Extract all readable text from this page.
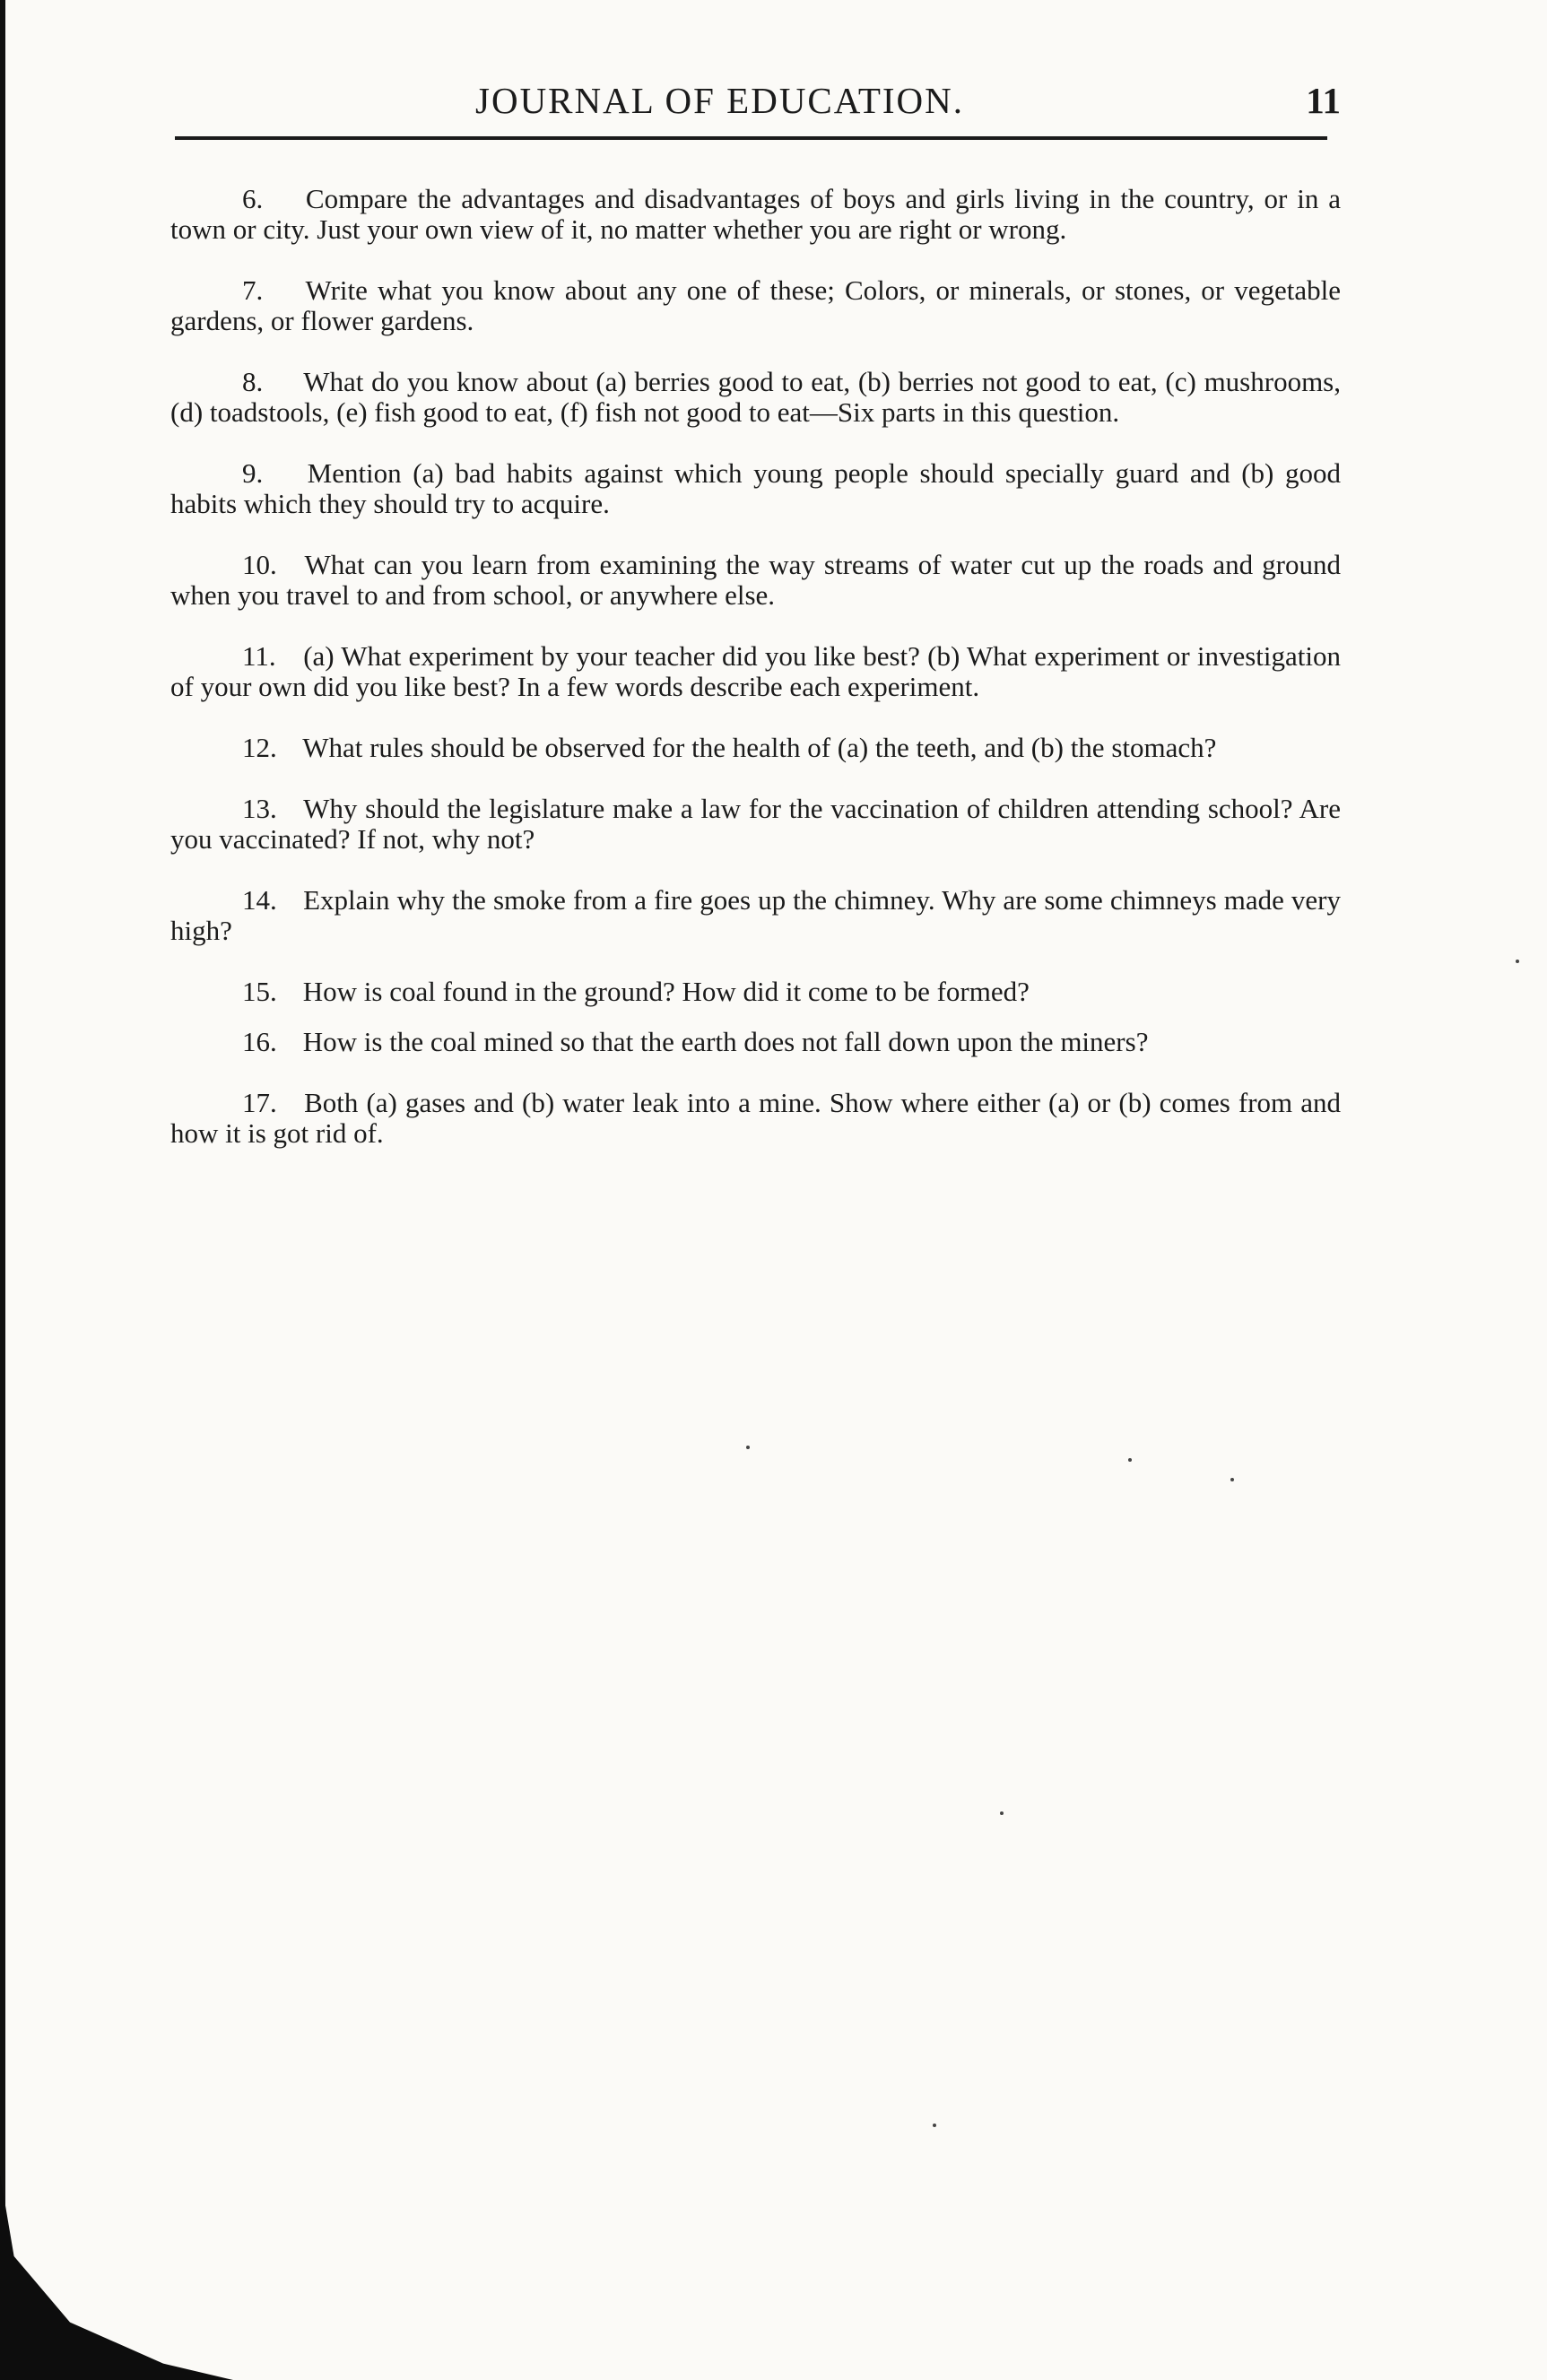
JOURNAL OF EDUCATION.	11

6. Compare the advantages and disadvantages of boys and girls living in the country, or in a town or city. Just your own view of it, no matter whether you are right or wrong.

7. Write what you know about any one of these; Colors, or minerals, or stones, or vegetable gardens, or flower gardens.

8. What do you know about (a) berries good to eat, (b) berries not good to eat, (c) mushrooms, (d) toadstools, (e) fish good to eat, (f) fish not good to eat—Six parts in this question.

9. Mention (a) bad habits against which young people should specially guard and (b) good habits which they should try to acquire.

10. What can you learn from examining the way streams of water cut up the roads and ground when you travel to and from school, or anywhere else.

11. (a) What experiment by your teacher did you like best? (b) What experiment or investigation of your own did you like best? In a few words describe each experiment.

12. What rules should be observed for the health of (a) the teeth, and (b) the stomach?

13. Why should the legislature make a law for the vaccination of children attending school? Are you vaccinated? If not, why not?

14. Explain why the smoke from a fire goes up the chimney. Why are some chimneys made very high?

15. How is coal found in the ground? How did it come to be formed?

16. How is the coal mined so that the earth does not fall down upon the miners?

17. Both (a) gases and (b) water leak into a mine. Show where either (a) or (b) comes from and how it is got rid of.
